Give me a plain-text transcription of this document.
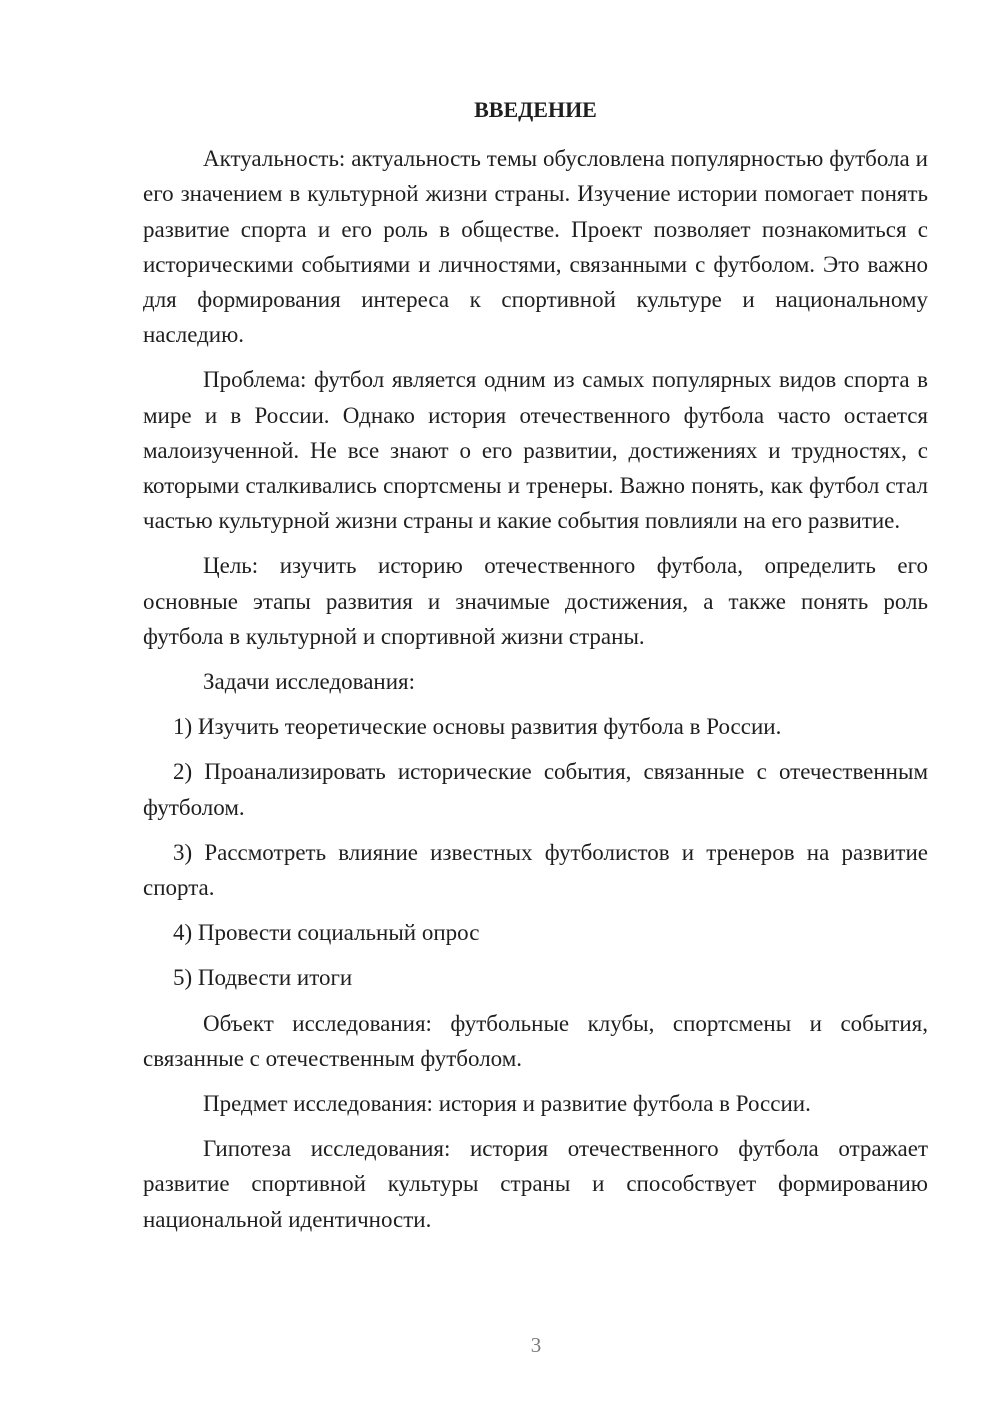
ВВЕДЕНИЕ

Актуальность: актуальность темы обусловлена популярностью футбола и его значением в культурной жизни страны. Изучение истории помогает понять развитие спорта и его роль в обществе. Проект позволяет познакомиться с историческими событиями и личностями, связанными с футболом. Это важно для формирования интереса к спортивной культуре и национальному наследию.

Проблема: футбол является одним из самых популярных видов спорта в мире и в России. Однако история отечественного футбола часто остается малоизученной. Не все знают о его развитии, достижениях и трудностях, с которыми сталкивались спортсмены и тренеры. Важно понять, как футбол стал частью культурной жизни страны и какие события повлияли на его развитие.

Цель: изучить историю отечественного футбола, определить его основные этапы развития и значимые достижения, а также понять роль футбола в культурной и спортивной жизни страны.

Задачи исследования:

1) Изучить теоретические основы развития футбола в России.

2) Проанализировать исторические события, связанные с отечественным футболом.

3) Рассмотреть влияние известных футболистов и тренеров на развитие спорта.

4) Провести социальный опрос

5) Подвести итоги

Объект исследования: футбольные клубы, спортсмены и события, связанные с отечественным футболом.

Предмет исследования: история и развитие футбола в России.

Гипотеза исследования: история отечественного футбола отражает развитие спортивной культуры страны и способствует формированию национальной идентичности.

3
